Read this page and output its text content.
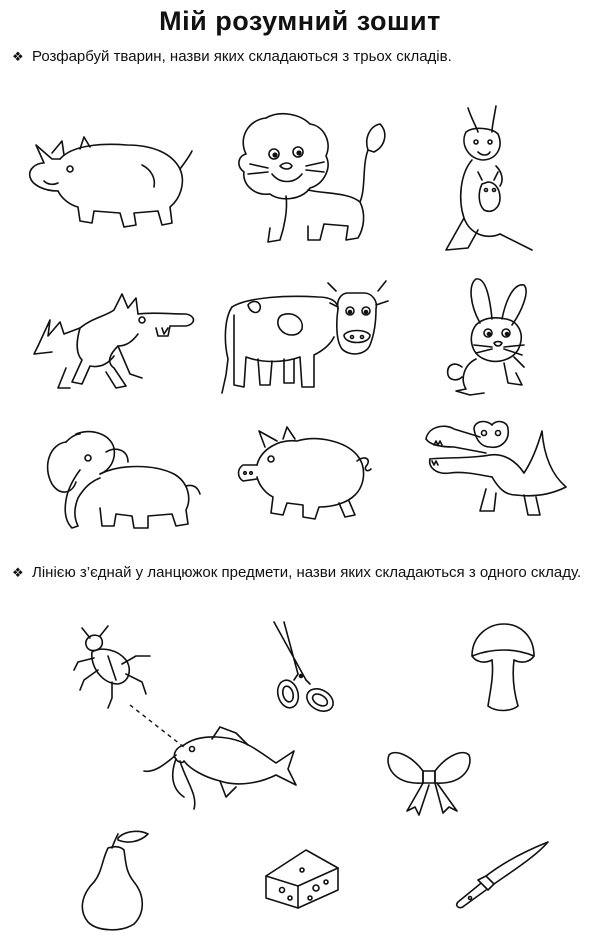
Мій розумний зошит
❖ Розфарбуй тварин, назви яких складаються з трьох складів.
❖ Лінією з’єднай у ланцюжок предмети, назви яких складаються з одного складу.
